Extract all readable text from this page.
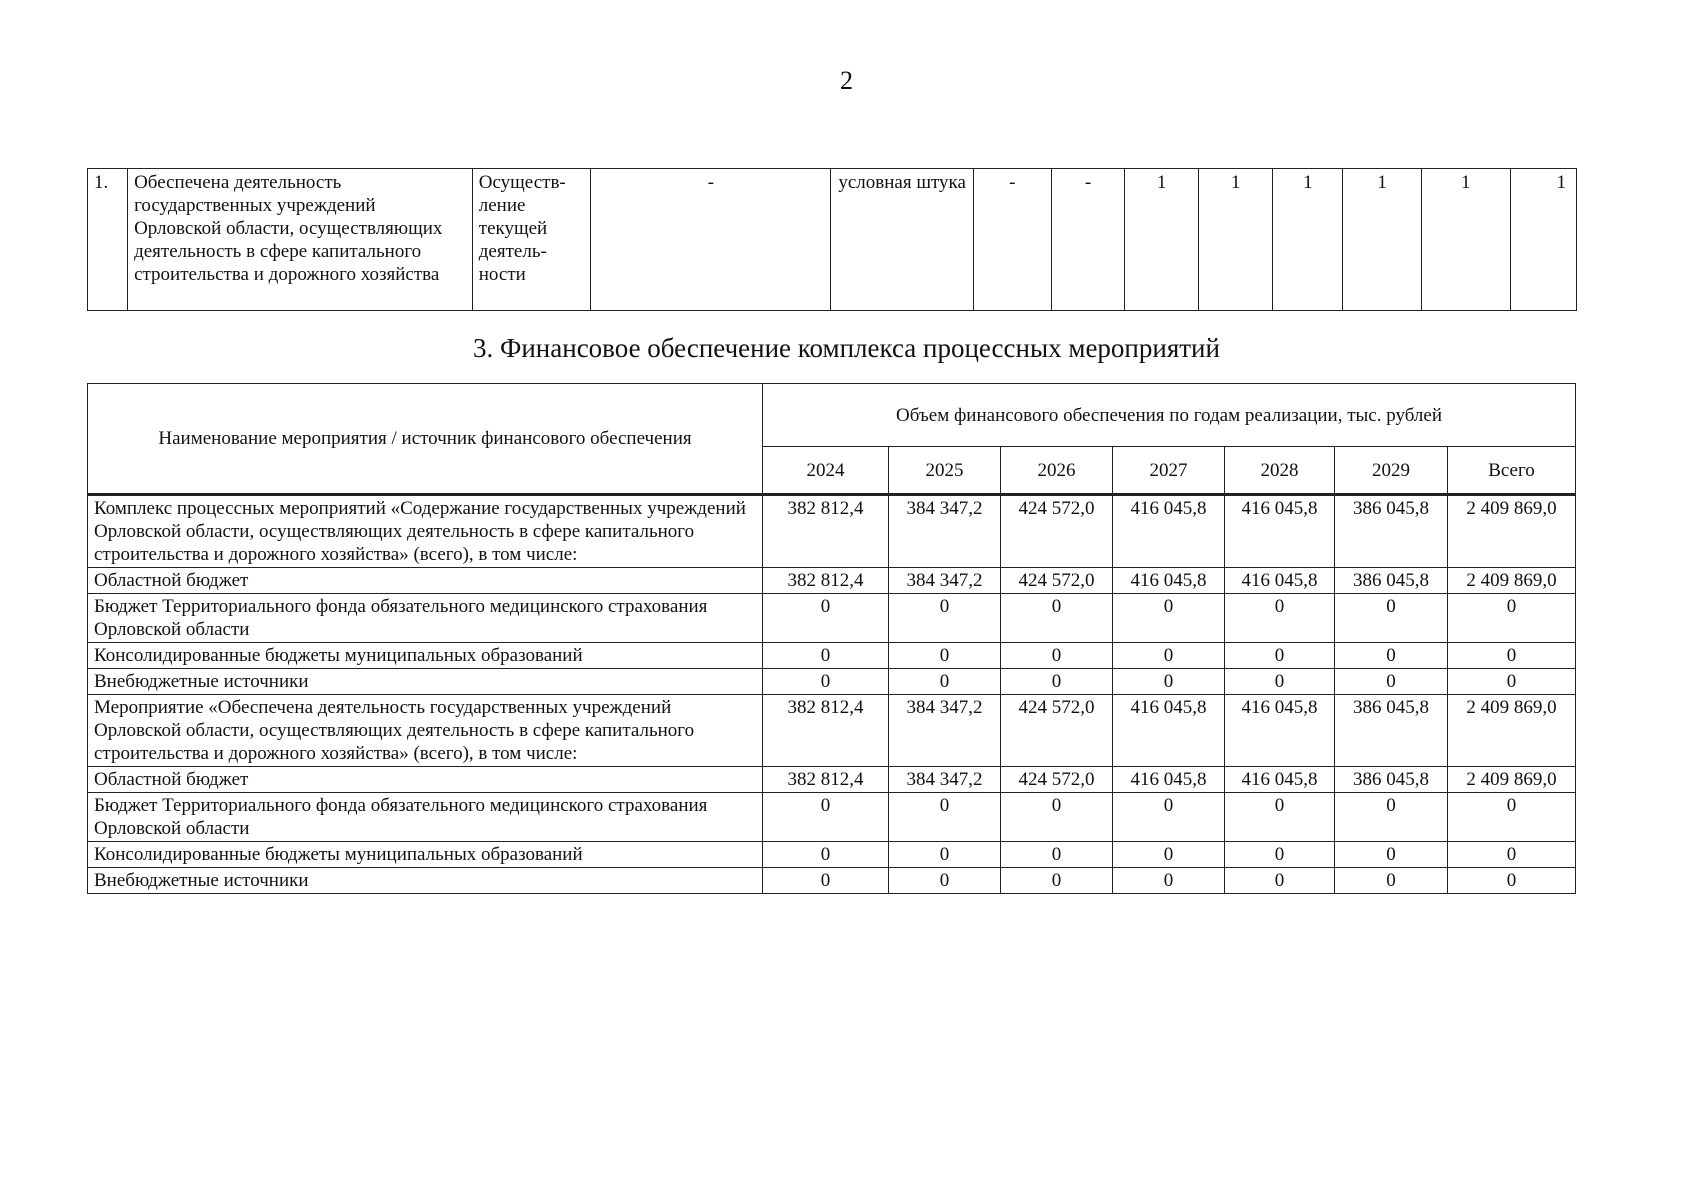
2
1.	Обеспечена деятельность государственных учреждений Орловской области, осуществляющих деятельность в сфере капитального строительства и дорожного хозяйства	Осуществ-ление текущей деятель-ности	-	условная штука	-	-	1	1	1	1	1	1
3. Финансовое обеспечение комплекса процессных мероприятий
Наименование мероприятия / источник финансового обеспечения	Объем финансового обеспечения по годам реализации, тыс. рублей						
	2024	2025	2026	2027	2028	2029	Всего
Комплекс процессных мероприятий «Содержание государственных учреждений Орловской области, осуществляющих деятельность в сфере капитального строительства и дорожного хозяйства» (всего), в том числе:	382 812,4	384 347,2	424 572,0	416 045,8	416 045,8	386 045,8	2 409 869,0
Областной бюджет	382 812,4	384 347,2	424 572,0	416 045,8	416 045,8	386 045,8	2 409 869,0
Бюджет Территориального фонда обязательного медицинского страхования Орловской области	0	0	0	0	0	0	0
Консолидированные бюджеты муниципальных образований	0	0	0	0	0	0	0
Внебюджетные источники	0	0	0	0	0	0	0
Мероприятие «Обеспечена деятельность государственных учреждений Орловской области, осуществляющих деятельность в сфере капитального строительства и дорожного хозяйства» (всего), в том числе:	382 812,4	384 347,2	424 572,0	416 045,8	416 045,8	386 045,8	2 409 869,0
Областной бюджет	382 812,4	384 347,2	424 572,0	416 045,8	416 045,8	386 045,8	2 409 869,0
Бюджет Территориального фонда обязательного медицинского страхования Орловской области	0	0	0	0	0	0	0
Консолидированные бюджеты муниципальных образований	0	0	0	0	0	0	0
Внебюджетные источники	0	0	0	0	0	0	0
